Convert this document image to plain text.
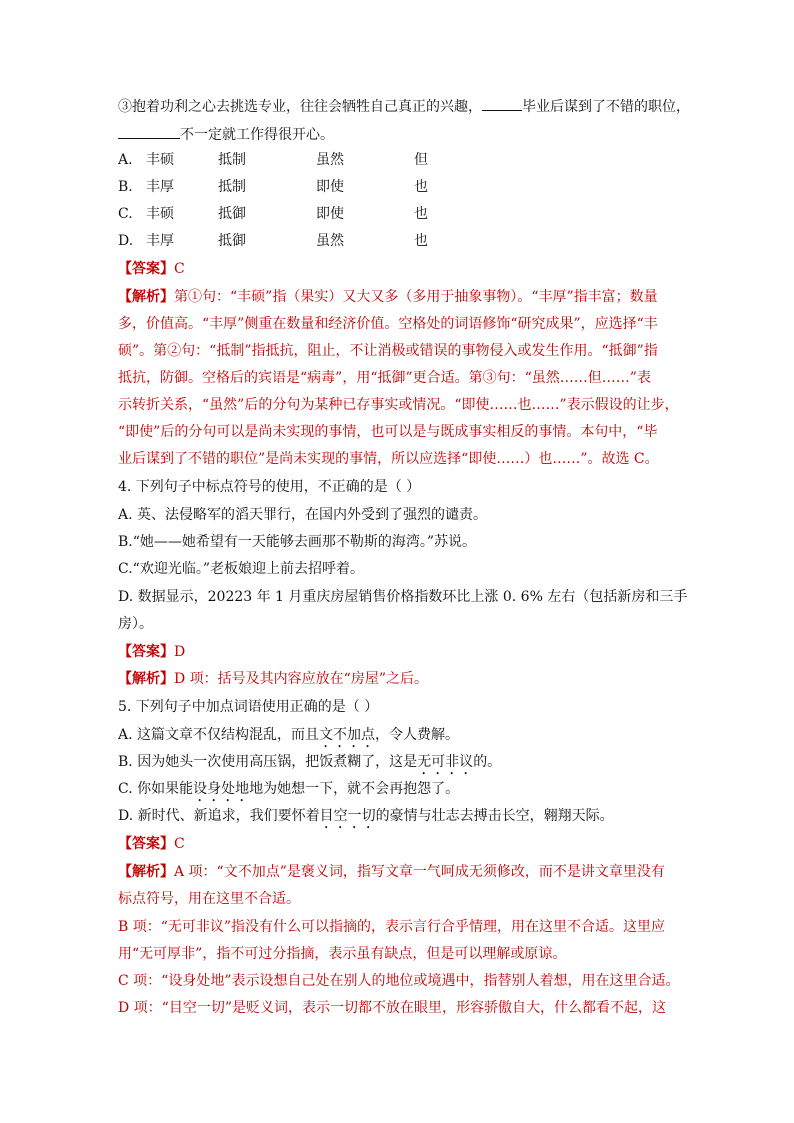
③抱着功利之心去挑选专业，往往会牺牲自己真正的兴趣，	毕业后谋到了不错的职位，
不一定就工作得很开心。
A. 丰硕	抵制	虽然	但
B. 丰厚	抵制	即使	也
C. 丰硕	抵御	即使	也
D. 丰厚	抵御	虽然	也
【答案】C
【解析】第①句：“丰硕”指（果实）又大又多（多用于抽象事物）。“丰厚”指丰富；数量
多，价值高。“丰厚”侧重在数量和经济价值。空格处的词语修饰“研究成果”，应选择“丰
硕”。第②句：“抵制”指抵抗，阻止，不让消极或错误的事物侵入或发生作用。“抵御”指
抵抗，防御。空格后的宾语是“病毒”，用“抵御”更合适。第③句：“虽然……但……”表
示转折关系，“虽然”后的分句为某种已存事实或情况。“即使……也……”表示假设的让步，
“即使”后的分句可以是尚未实现的事情，也可以是与既成事实相反的事情。本句中，“毕
业后谋到了不错的职位”是尚未实现的事情，所以应选择“即使……）也……”。故选 C。
4. 下列句子中标点符号的使用，不正确的是（ ）
A. 英、法侵略军的滔天罪行，在国内外受到了强烈的谴责。
B.“她——她希望有一天能够去画那不勒斯的海湾。”苏说。
C.“欢迎光临。”老板娘迎上前去招呼着。
D. 数据显示，20223 年 1 月重庆房屋销售价格指数环比上涨 0. 6% 左右（包括新房和三手
房）。
【答案】D
【解析】D 项：括号及其内容应放在“房屋”之后。
5. 下列句子中加点词语使用正确的是（ ）
A. 这篇文章不仅结构混乱，而且文不加点，令人费解。
B. 因为她头一次使用高压锅，把饭煮糊了，这是无可非议的。
C. 你如果能设身处地地为她想一下，就不会再抱怨了。
D. 新时代、新追求，我们要怀着目空一切的豪情与壮志去搏击长空，翱翔天际。
【答案】C
【解析】A 项：“文不加点”是褒义词，指写文章一气呵成无须修改，而不是讲文章里没有
标点符号，用在这里不合适。
B 项：“无可非议”指没有什么可以指摘的，表示言行合乎情理，用在这里不合适。这里应
用“无可厚非”，指不可过分指摘，表示虽有缺点，但是可以理解或原谅。
C 项：“设身处地”表示设想自己处在别人的地位或境遇中，指替别人着想，用在这里合适。
D 项：“目空一切”是贬义词，表示一切都不放在眼里，形容骄傲自大，什么都看不起，这
